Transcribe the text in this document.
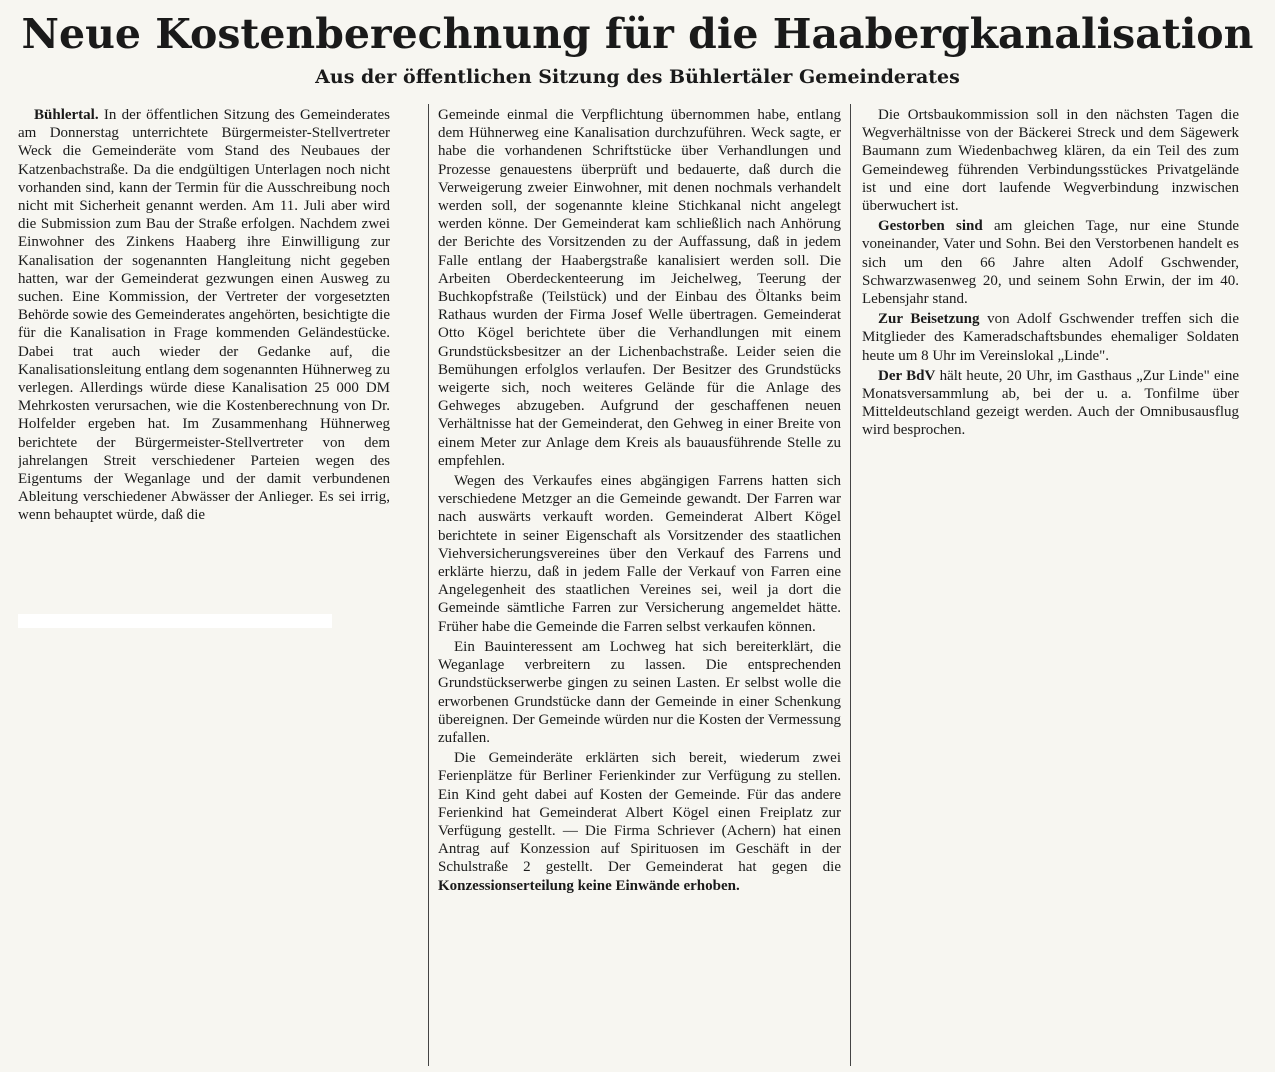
Neue Kostenberechnung für die Haabergkanalisation
Aus der öffentlichen Sitzung des Bühlertäler Gemeinderates

Bühlertal. In der öffentlichen Sitzung des Gemeinderates am Donnerstag unterrichtete Bürgermeister-Stellvertreter Weck die Gemeinderäte vom Stand des Neubaues der Katzenbachstraße. Da die endgültigen Unterlagen noch nicht vorhanden sind, kann der Termin für die Ausschreibung noch nicht mit Sicherheit genannt werden. Am 11. Juli aber wird die Submission zum Bau der Straße erfolgen. Nachdem zwei Einwohner des Zinkens Haaberg ihre Einwilligung zur Kanalisation der sogenannten Hangleitung nicht gegeben hatten, war der Gemeinderat gezwungen einen Ausweg zu suchen. Eine Kommission, der Vertreter der vorgesetzten Behörde sowie des Gemeinderates angehörten, besichtigte die für die Kanalisation in Frage kommenden Geländestücke. Dabei trat auch wieder der Gedanke auf, die Kanalisationsleitung entlang dem sogenannten Hühnerweg zu verlegen. Allerdings würde diese Kanalisation 25 000 DM Mehrkosten verursachen, wie die Kostenberechnung von Dr. Holfelder ergeben hat. Im Zusammenhang Hühnerweg berichtete der Bürgermeister-Stellvertreter von dem jahrelangen Streit verschiedener Parteien wegen des Eigentums der Weganlage und der damit verbundenen Ableitung verschiedener Abwässer der Anlieger. Es sei irrig, wenn behauptet würde, daß die

Gemeinde einmal die Verpflichtung übernommen habe, entlang dem Hühnerweg eine Kanalisation durchzuführen. Weck sagte, er habe die vorhandenen Schriftstücke über Verhandlungen und Prozesse genauestens überprüft und bedauerte, daß durch die Verweigerung zweier Einwohner, mit denen nochmals verhandelt werden soll, der sogenannte kleine Stichkanal nicht angelegt werden könne. Der Gemeinderat kam schließlich nach Anhörung der Berichte des Vorsitzenden zu der Auffassung, daß in jedem Falle entlang der Haabergstraße kanalisiert werden soll. Die Arbeiten Oberdeckenteerung im Jeichelweg, Teerung der Buchkopfstraße (Teilstück) und der Einbau des Öltanks beim Rathaus wurden der Firma Josef Welle übertragen. Gemeinderat Otto Kögel berichtete über die Verhandlungen mit einem Grundstücksbesitzer an der Lichenbachstraße. Leider seien die Bemühungen erfolglos verlaufen. Der Besitzer des Grundstücks weigerte sich, noch weiteres Gelände für die Anlage des Gehweges abzugeben. Aufgrund der geschaffenen neuen Verhältnisse hat der Gemeinderat, den Gehweg in einer Breite von einem Meter zur Anlage dem Kreis als bauausführende Stelle zu empfehlen.

Wegen des Verkaufes eines abgängigen Farrens hatten sich verschiedene Metzger an die Gemeinde gewandt. Der Farren war nach auswärts verkauft worden. Gemeinderat Albert Kögel berichtete in seiner Eigenschaft als Vorsitzender des staatlichen Viehversicherungsvereines über den Verkauf des Farrens und erklärte hierzu, daß in jedem Falle der Verkauf von Farren eine Angelegenheit des staatlichen Vereines sei, weil ja dort die Gemeinde sämtliche Farren zur Versicherung angemeldet hätte. Früher habe die Gemeinde die Farren selbst verkaufen können.

Ein Bauinteressent am Lochweg hat sich bereiterklärt, die Weganlage verbreitern zu lassen. Die entsprechenden Grundstückserwerbe gingen zu seinen Lasten. Er selbst wolle die erworbenen Grundstücke dann der Gemeinde in einer Schenkung übereignen. Der Gemeinde würden nur die Kosten der Vermessung zufallen.

Die Gemeinderäte erklärten sich bereit, wiederum zwei Ferienplätze für Berliner Ferienkinder zur Verfügung zu stellen. Ein Kind geht dabei auf Kosten der Gemeinde. Für das andere Ferienkind hat Gemeinderat Albert Kögel einen Freiplatz zur Verfügung gestellt. — Die Firma Schriever (Achern) hat einen Antrag auf Konzession auf Spirituosen im Geschäft in der Schulstraße 2 gestellt. Der Gemeinderat hat gegen die Konzessionserteilung keine Einwände erhoben.

Die Ortsbaukommission soll in den nächsten Tagen die Wegverhältnisse von der Bäckerei Streck und dem Sägewerk Baumann zum Wiedenbachweg klären, da ein Teil des zum Gemeindeweg führenden Verbindungsstückes Privatgelände ist und eine dort laufende Wegverbindung inzwischen überwuchert ist.

Gestorben sind am gleichen Tage, nur eine Stunde voneinander, Vater und Sohn. Bei den Verstorbenen handelt es sich um den 66 Jahre alten Adolf Gschwender, Schwarzwasenweg 20, und seinem Sohn Erwin, der im 40. Lebensjahr stand.

Zur Beisetzung von Adolf Gschwender treffen sich die Mitglieder des Kameradschaftsbundes ehemaliger Soldaten heute um 8 Uhr im Vereinslokal „Linde".

Der BdV hält heute, 20 Uhr, im Gasthaus „Zur Linde" eine Monatsversammlung ab, bei der u. a. Tonfilme über Mitteldeutschland gezeigt werden. Auch der Omnibusausflug wird besprochen.
